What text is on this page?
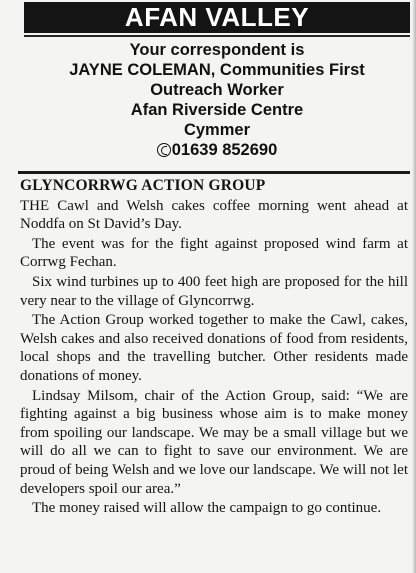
AFAN VALLEY
Your correspondent is
JAYNE COLEMAN, Communities First
Outreach Worker
Afan Riverside Centre
Cymmer
01639 852690
GLYNCORRWG ACTION GROUP

THE Cawl and Welsh cakes coffee morning went ahead at Noddfa on St David’s Day.

The event was for the fight against proposed wind farm at Corrwg Fechan.

Six wind turbines up to 400 feet high are proposed for the hill very near to the village of Glyncorrwg.

The Action Group worked together to make the Cawl, cakes, Welsh cakes and also received donations of food from residents, local shops and the travelling butcher. Other residents made donations of money.

Lindsay Milsom, chair of the Action Group, said: “We are fighting against a big business whose aim is to make money from spoiling our landscape. We may be a small village but we will do all we can to fight to save our environment. We are proud of being Welsh and we love our landscape. We will not let developers spoil our area.”

The money raised will allow the campaign to go continue.
